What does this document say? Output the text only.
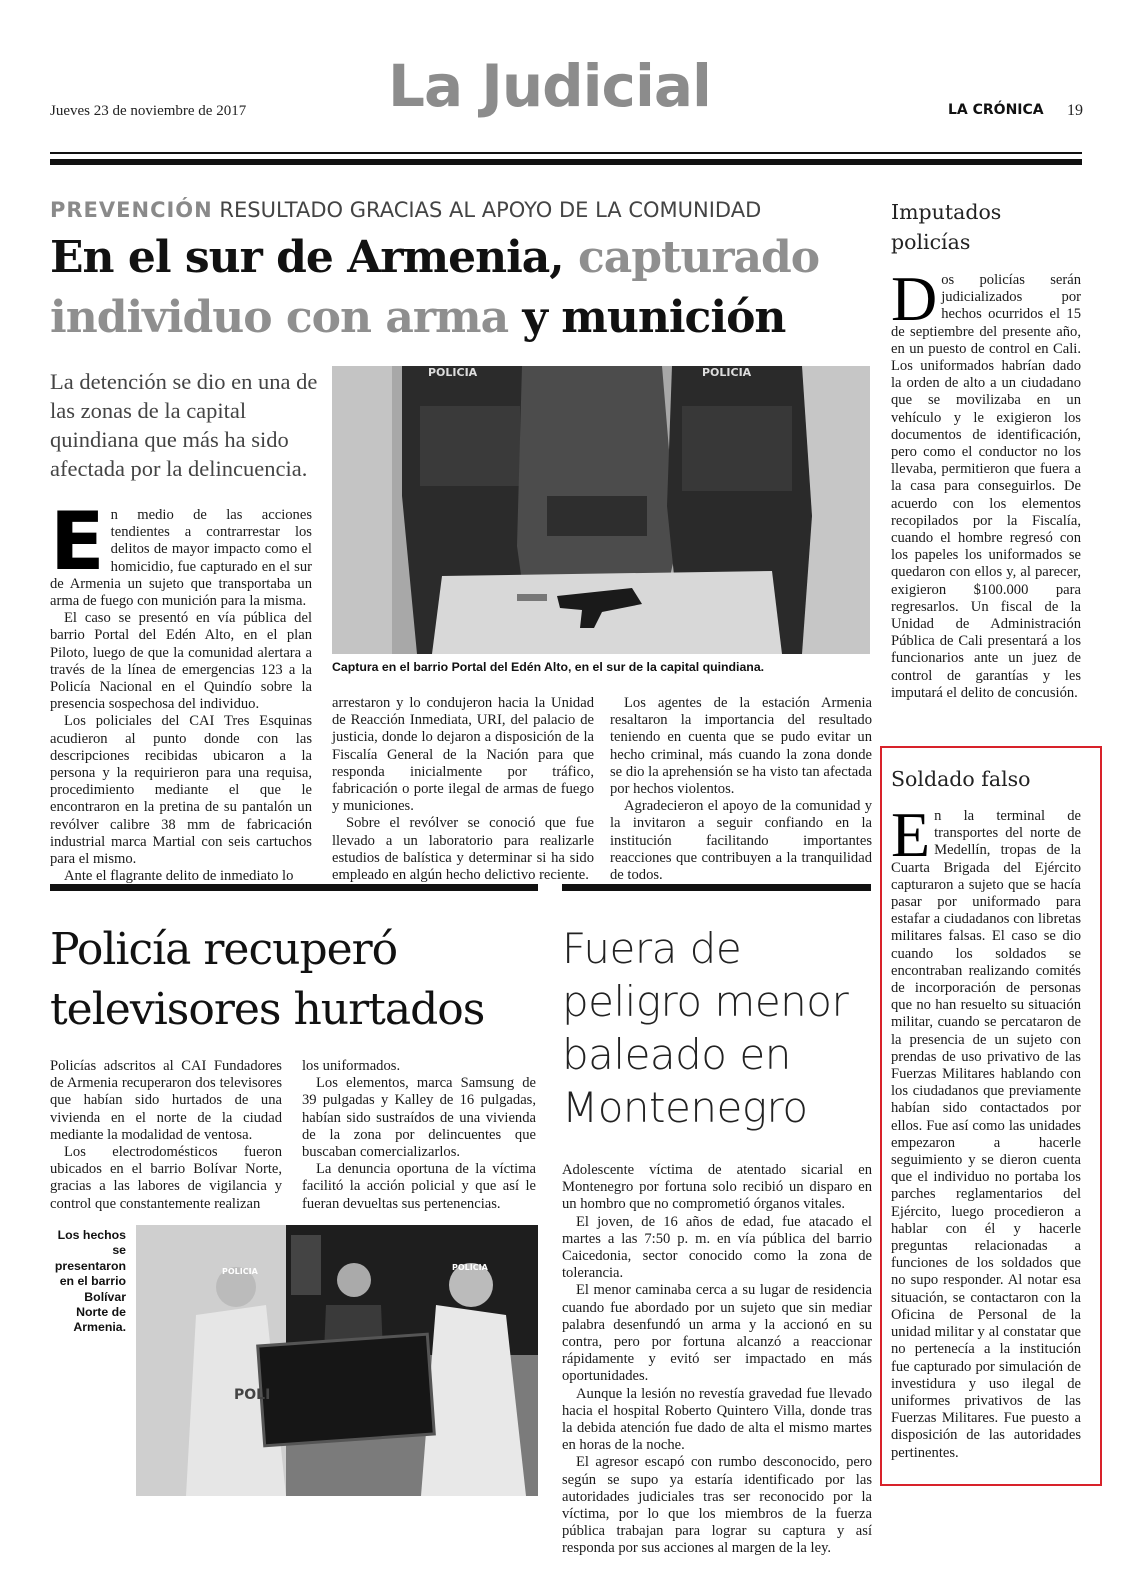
Jueves 23 de noviembre de 2017 La Judicial	LA CRÓNICA 19
PREVENCIÓN RESULTADO GRACIAS AL APOYO DE LA COMUNIDAD
En el sur de Armenia, capturado
individuo con arma y munición
La detención se dio en una de las zonas de la capital quindiana que más ha sido afectada por la delincuencia.
POLICIA	POLICIA
Captura en el barrio Portal del Edén Alto, en el sur de la capital quindiana.

En medio de las acciones tendientes a contrarrestar los delitos de mayor impacto como el homicidio, fue capturado en el sur de Armenia un sujeto que transportaba un arma de fuego con munición para la misma.

El caso se presentó en vía pública del barrio Portal del Edén Alto, en el plan Piloto, luego de que la comunidad alertara a través de la línea de emergencias 123 a la Policía Nacional en el Quindío sobre la presencia sospechosa del individuo.

Los policiales del CAI Tres Esquinas acudieron al punto donde con las descripciones recibidas ubicaron a la persona y la requirieron para una requisa, procedimiento mediante el que le encontraron en la pretina de su pantalón un revólver calibre 38 mm de fabricación industrial marca Martial con seis cartuchos para el mismo.

Ante el flagrante delito de inmediato lo

arrestaron y lo condujeron hacia la Unidad de Reacción Inmediata, URI, del palacio de justicia, donde lo dejaron a disposición de la Fiscalía General de la Nación para que responda inicialmente por tráfico, fabricación o porte ilegal de armas de fuego y municiones.

Sobre el revólver se conoció que fue llevado a un laboratorio para realizarle estudios de balística y determinar si ha sido empleado en algún hecho delictivo reciente.

Los agentes de la estación Armenia resaltaron la importancia del resultado teniendo en cuenta que se pudo evitar un hecho criminal, más cuando la zona donde se dio la aprehensión se ha visto tan afectada por hechos violentos.

Agradecieron el apoyo de la comunidad y la invitaron a seguir confiando en la institución facilitando importantes reacciones que contribuyen a la tranquilidad de todos.

Imputados policías

Dos policías serán judicializados por hechos ocurridos el 15 de septiembre del presente año, en un puesto de control en Cali. Los uniformados habrían dado la orden de alto a un ciudadano que se movilizaba en un vehículo y le exigieron los documentos de identificación, pero como el conductor no los llevaba, permitieron que fuera a la casa para conseguirlos. De acuerdo con los elementos recopilados por la Fiscalía, cuando el hombre regresó con los papeles los uniformados se quedaron con ellos y, al parecer, exigieron $100.000 para regresarlos. Un fiscal de la Unidad de Administración Pública de Cali presentará a los funcionarios ante un juez de control de garantías y les imputará el delito de concusión.

Soldado falso

En la terminal de transportes del norte de Medellín, tropas de la Cuarta Brigada del Ejército capturaron a sujeto que se hacía pasar por uniformado para estafar a ciudadanos con libretas militares falsas. El caso se dio cuando los soldados se encontraban realizando comités de incorporación de personas que no han resuelto su situación militar, cuando se percataron de la presencia de un sujeto con prendas de uso privativo de las Fuerzas Militares hablando con los ciudadanos que previamente habían sido contactados por ellos. Fue así como las unidades empezaron a hacerle seguimiento y se dieron cuenta que el individuo no portaba los parches reglamentarios del Ejército, luego procedieron a hablar con él y hacerle preguntas relacionadas a funciones de los soldados que no supo responder. Al notar esa situación, se contactaron con la Oficina de Personal de la unidad militar y al constatar que no pertenecía a la institución fue capturado por simulación de investidura y uso ilegal de uniformes privativos de las Fuerzas Militares. Fue puesto a disposición de las autoridades pertinentes.

Policía recuperó televisores hurtados

Policías adscritos al CAI Fundadores de Armenia recuperaron dos televisores que habían sido hurtados de una vivienda en el norte de la ciudad mediante la modalidad de ventosa.

Los electrodomésticos fueron ubicados en el barrio Bolívar Norte, gracias a las labores de vigilancia y control que constantemente realizan

los uniformados.

Los elementos, marca Samsung de 39 pulgadas y Kalley de 16 pulgadas, habían sido sustraídos de una vivienda de la zona por delincuentes que buscaban comercializarlos.

La denuncia oportuna de la víctima facilitó la acción policial y que así le fueran devueltas sus pertenencias.

Los hechos se presentaron en el barrio Bolívar Norte de Armenia.
POLICIA
POLI
POLICIA
Fuera de peligro menor baleado en Montenegro

Adolescente víctima de atentado sicarial en Montenegro por fortuna solo recibió un disparo en un hombro que no comprometió órganos vitales.

El joven, de 16 años de edad, fue atacado el martes a las 7:50 p. m. en vía pública del barrio Caicedonia, sector conocido como la zona de tolerancia.

El menor caminaba cerca a su lugar de residencia cuando fue abordado por un sujeto que sin mediar palabra desenfundó un arma y la accionó en su contra, pero por fortuna alcanzó a reaccionar rápidamente y evitó ser impactado en más oportunidades.

Aunque la lesión no revestía gravedad fue llevado hacia el hospital Roberto Quintero Villa, donde tras la debida atención fue dado de alta el mismo martes en horas de la noche.

El agresor escapó con rumbo desconocido, pero según se supo ya estaría identificado por las autoridades judiciales tras ser reconocido por la víctima, por lo que los miembros de la fuerza pública trabajan para lograr su captura y así responda por sus acciones al margen de la ley.
